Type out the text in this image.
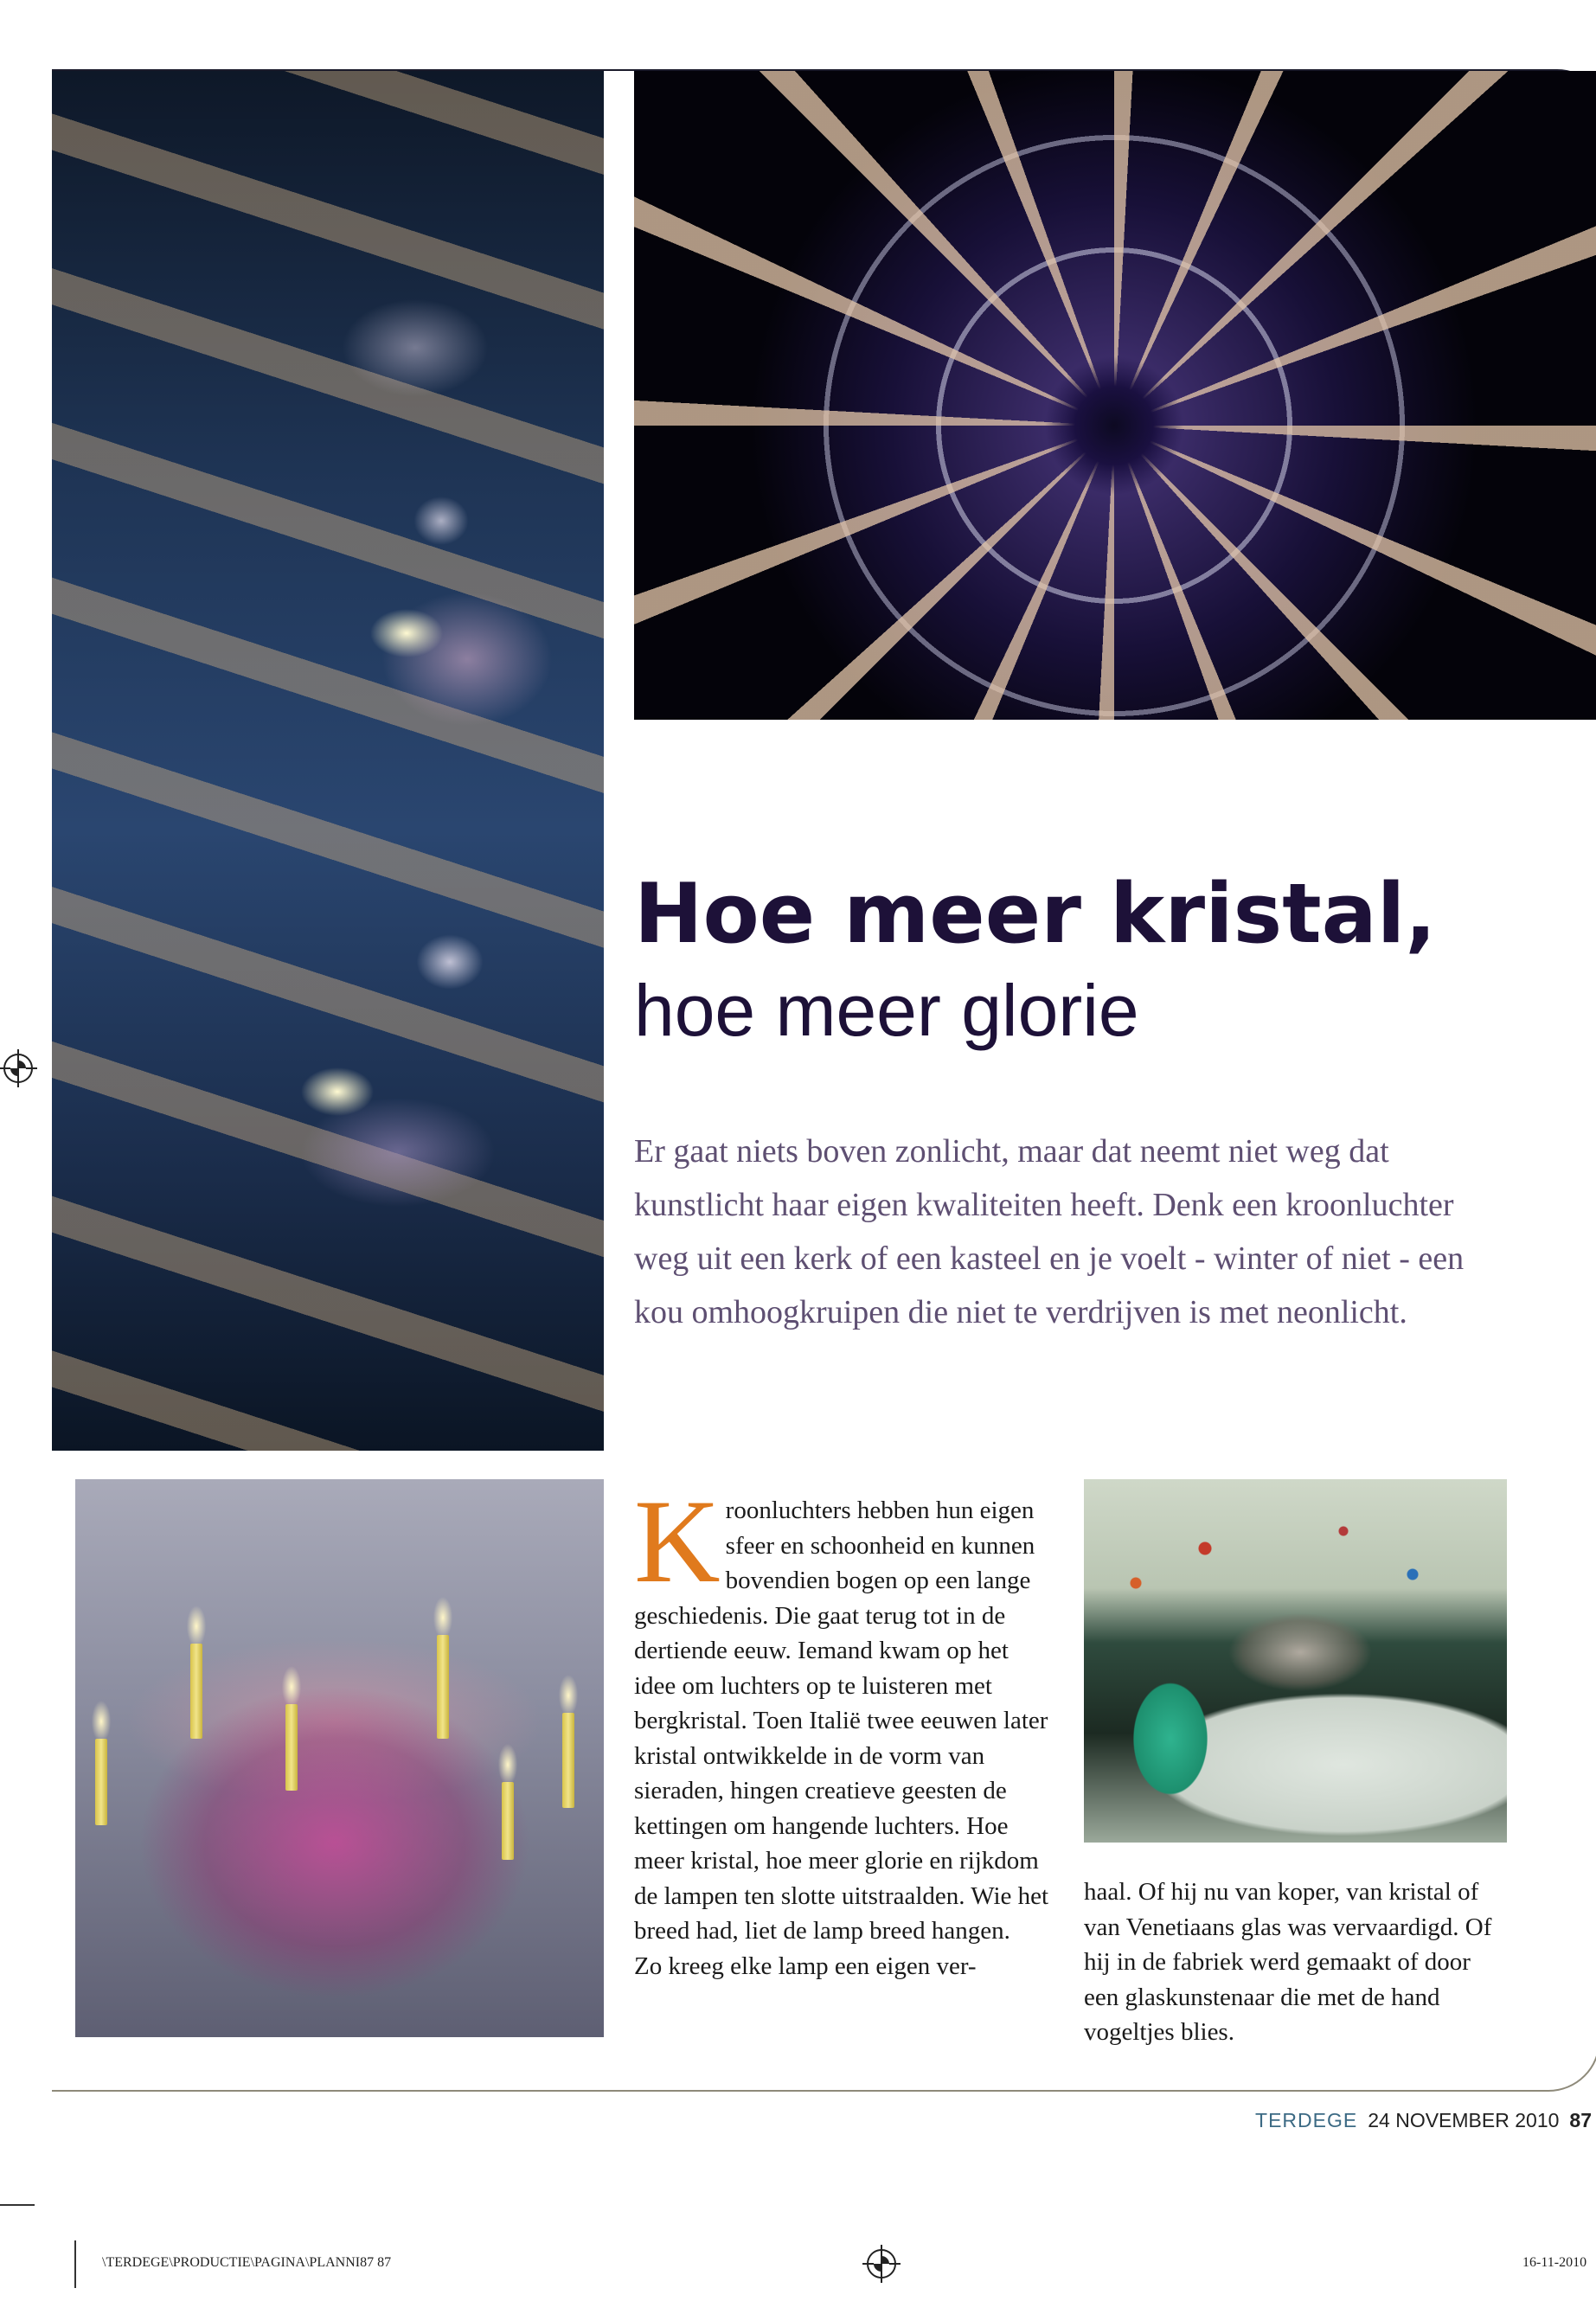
Hoe meer kristal,
hoe meer glorie

Er gaat niets boven zonlicht, maar dat neemt niet weg dat kunstlicht haar eigen kwaliteiten heeft. Denk een kroonluchter weg uit een kerk of een kasteel en je voelt - winter of niet - een kou omhoogkruipen die niet te verdrijven is met neonlicht.

Kroonluchters hebben hun eigen sfeer en schoonheid en kunnen bovendien bogen op een lange geschiedenis. Die gaat terug tot in de dertiende eeuw. Iemand kwam op het idee om luchters op te luisteren met bergkristal. Toen Italië twee eeuwen later kristal ontwikkelde in de vorm van sieraden, hingen creatieve geesten de kettingen om hangende luchters. Hoe meer kristal, hoe meer glorie en rijkdom de lampen ten slotte uitstraalden. Wie het breed had, liet de lamp breed hangen.
Zo kreeg elke lamp een eigen ver-
haal. Of hij nu van koper, van kristal of van Venetiaans glas was vervaardigd. Of hij in de fabriek werd gemaakt of door een glaskunstenaar die met de hand vogeltjes blies.
TERDEGE 24 NOVEMBER 2010 87
\TERDEGE\PRODUCTIE\PAGINA\PLANNI87 87	16-11-2010
